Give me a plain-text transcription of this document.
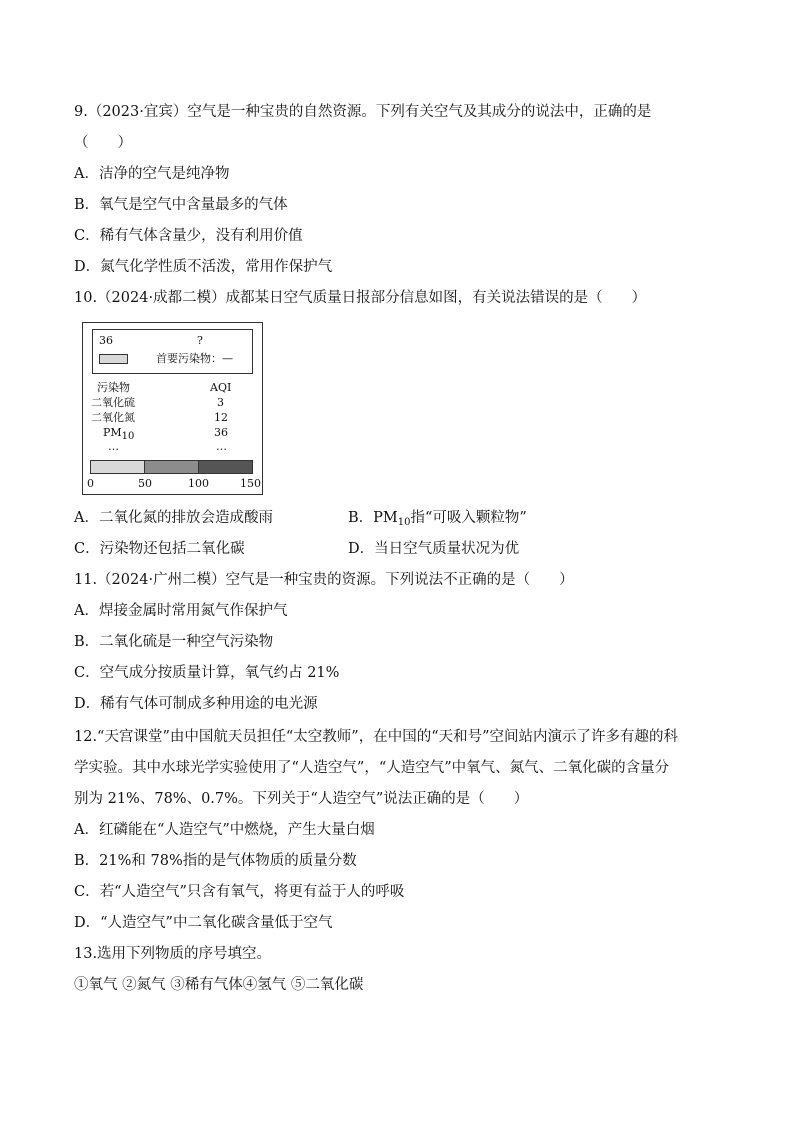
9.（2023·宜宾）空气是一种宝贵的自然资源。下列有关空气及其成分的说法中，正确的是
（　　）
A．洁净的空气是纯净物
B．氧气是空气中含量最多的气体
C．稀有气体含量少，没有利用价值
D．氮气化学性质不活泼，常用作保护气
10.（2024·成都二模）成都某日空气质量日报部分信息如图，有关说法错误的是（　　）
36	?
首要污染物：—
污染物	AQI
二氧化硫	3
二氧化氮	12
$PM_{10}$	36
…	…
0	50	100	150
A．二氧化氮的排放会造成酸雨	B．$PM_{10}$指“可吸入颗粒物”
C．污染物还包括二氧化碳	D．当日空气质量状况为优
11.（2024·广州二模）空气是一种宝贵的资源。下列说法不正确的是（　　）
A．焊接金属时常用氮气作保护气
B．二氧化硫是一种空气污染物
C．空气成分按质量计算，氧气约占 21%
D．稀有气体可制成多种用途的电光源
12.“天宫课堂”由中国航天员担任“太空教师”，在中国的“天和号”空间站内演示了许多有趣的科
学实验。其中水球光学实验使用了“人造空气”，“人造空气”中氧气、氮气、二氧化碳的含量分
别为 21%、78%、0.7%。下列关于“人造空气”说法正确的是（　　）
A．红磷能在“人造空气”中燃烧，产生大量白烟
B．21%和 78%指的是气体物质的质量分数
C．若“人造空气”只含有氧气，将更有益于人的呼吸
D．“人造空气”中二氧化碳含量低于空气
13.选用下列物质的序号填空。
①氧气 ②氮气 ③稀有气体④氢气 ⑤二氧化碳
